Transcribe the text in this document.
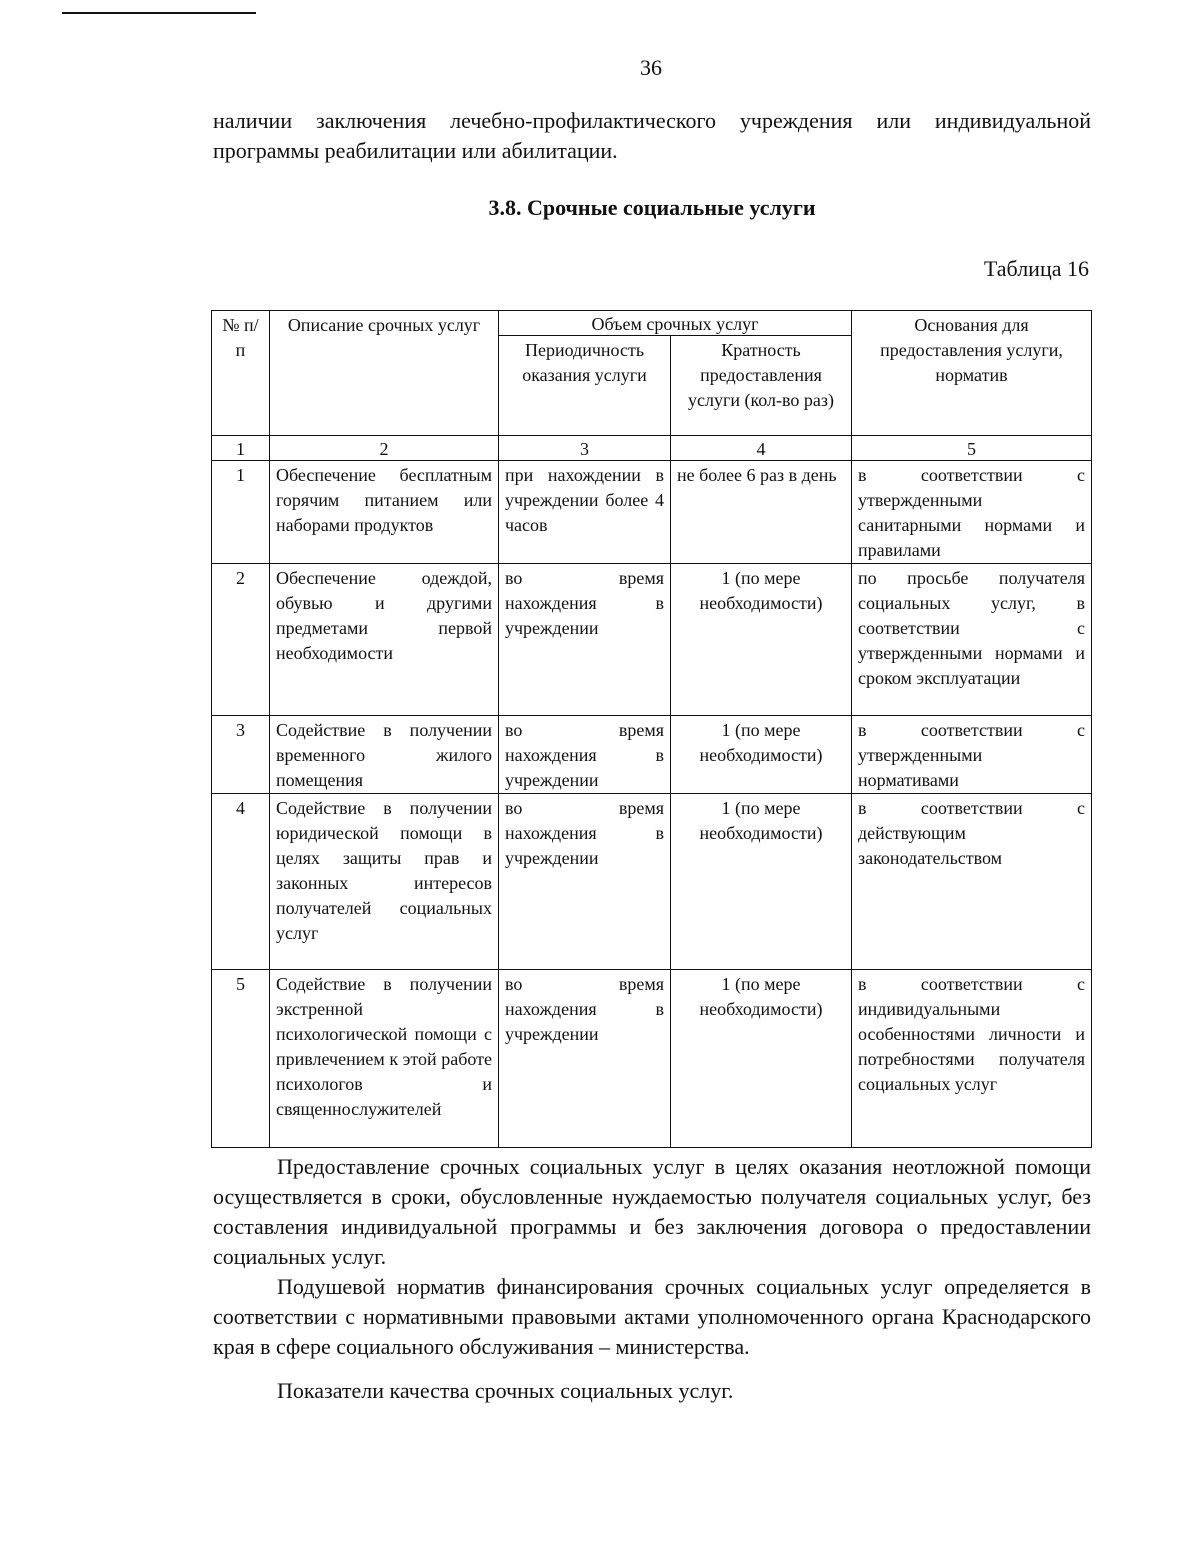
36
наличии заключения лечебно-профилактического учреждения или индивидуальной программы реабилитации или абилитации.
3.8. Срочные социальные услуги
Таблица 16
№ п/п	Описание срочных услуг	Объем срочных услуг		Основания для предоставления услуги, норматив
		Периодичность оказания услуги	Кратность предоставления услуги (кол-во раз)	
1	2	3	4	5
1	Обеспечение бесплатным горячим питанием или наборами продуктов	при нахождении в учреждении более 4 часов	не более 6 раз в день	в соответствии с утвержденными санитарными нормами и правилами
2	Обеспечение одеждой, обувью и другими предметами первой необходимости	во время нахождения в учреждении	1 (по мере необходимости)	по просьбе получателя социальных услуг, в соответствии с утвержденными нормами и сроком эксплуатации
3	Содействие в получении временного жилого помещения	во время нахождения в учреждении	1 (по мере необходимости)	в соответствии с утвержденными нормативами
4	Содействие в получении юридической помощи в целях защиты прав и законных интересов получателей социальных услуг	во время нахождения в учреждении	1 (по мере необходимости)	в соответствии с действующим законодательством
5	Содействие в получении экстренной психологической помощи с привлечением к этой работе психологов и священнослужителей	во время нахождения в учреждении	1 (по мере необходимости)	в соответствии с индивидуальными особенностями личности и потребностями получателя социальных услуг

Предоставление срочных социальных услуг в целях оказания неотложной помощи осуществляется в сроки, обусловленные нуждаемостью получателя социальных услуг, без составления индивидуальной программы и без заключения договора о предоставлении социальных услуг.

Подушевой норматив финансирования срочных социальных услуг определяется в соответствии с нормативными правовыми актами уполномоченного органа Краснодарского края в сфере социального обслуживания – министерства.

Показатели качества срочных социальных услуг.
